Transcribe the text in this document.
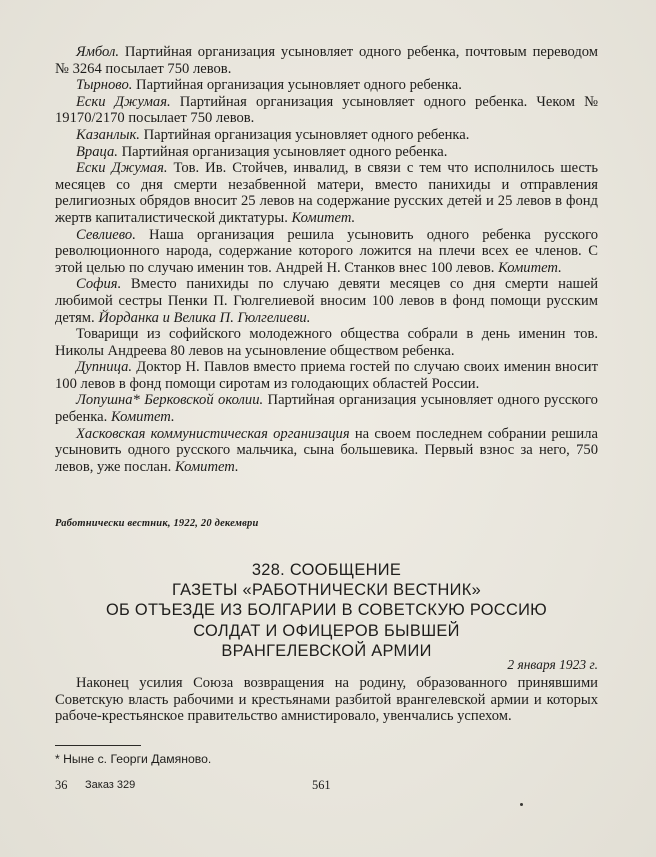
Ямбол. Партийная организация усыновляет одного ребенка, почтовым переводом № 3264 посылает 750 левов.

Тырново. Партийная организация усыновляет одного ребенка.

Ески Джумая. Партийная организация усыновляет одного ребенка. Чеком № 19170/2170 посылает 750 левов.

Казанлык. Партийная организация усыновляет одного ребенка.

Враца. Партийная организация усыновляет одного ребенка.

Ески Джумая. Тов. Ив. Стойчев, инвалид, в связи с тем что исполнилось шесть месяцев со дня смерти незабвенной матери, вместо панихиды и отправления религиозных обрядов вносит 25 левов на содержание русских детей и 25 левов в фонд жертв капиталистической диктатуры. Комитет.

Севлиево. Наша организация решила усыновить одного ребенка русского революционного народа, содержание которого ложится на плечи всех ее членов. С этой целью по случаю именин тов. Андрей Н. Станков внес 100 левов. Комитет.

София. Вместо панихиды по случаю девяти месяцев со дня смерти нашей любимой сестры Пенки П. Гюлгелиевой вносим 100 левов в фонд помощи русским детям. Йорданка и Велика П. Гюлгелиеви.

Товарищи из софийского молодежного общества собрали в день именин тов. Николы Андреева 80 левов на усыновление обществом ребенка.

Дупница. Доктор Н. Павлов вместо приема гостей по случаю своих именин вносит 100 левов в фонд помощи сиротам из голодающих областей России.

Лопушна* Берковской околии. Партийная организация усыновляет одного русского ребенка. Комитет.

Хасковская коммунистическая организация на своем последнем собрании решила усыновить одного русского мальчика, сына большевика. Первый взнос за него, 750 левов, уже послан. Комитет.

Работнически вестник, 1922, 20 декември
328. СООБЩЕНИЕ
ГАЗЕТЫ «РАБОТНИЧЕСКИ ВЕСТНИК»
ОБ ОТЪЕЗДЕ ИЗ БОЛГАРИИ В СОВЕТСКУЮ РОССИЮ
СОЛДАТ И ОФИЦЕРОВ БЫВШЕЙ
ВРАНГЕЛЕВСКОЙ АРМИИ
2 января 1923 г.

Наконец усилия Союза возвращения на родину, образованного принявшими Советскую власть рабочими и крестьянами разбитой врангелевской армии и которых рабоче-крестьянское правительство амнистировало, увенчались успехом.

* Ныне с. Георги Дамяново.
36 Заказ 329	561
